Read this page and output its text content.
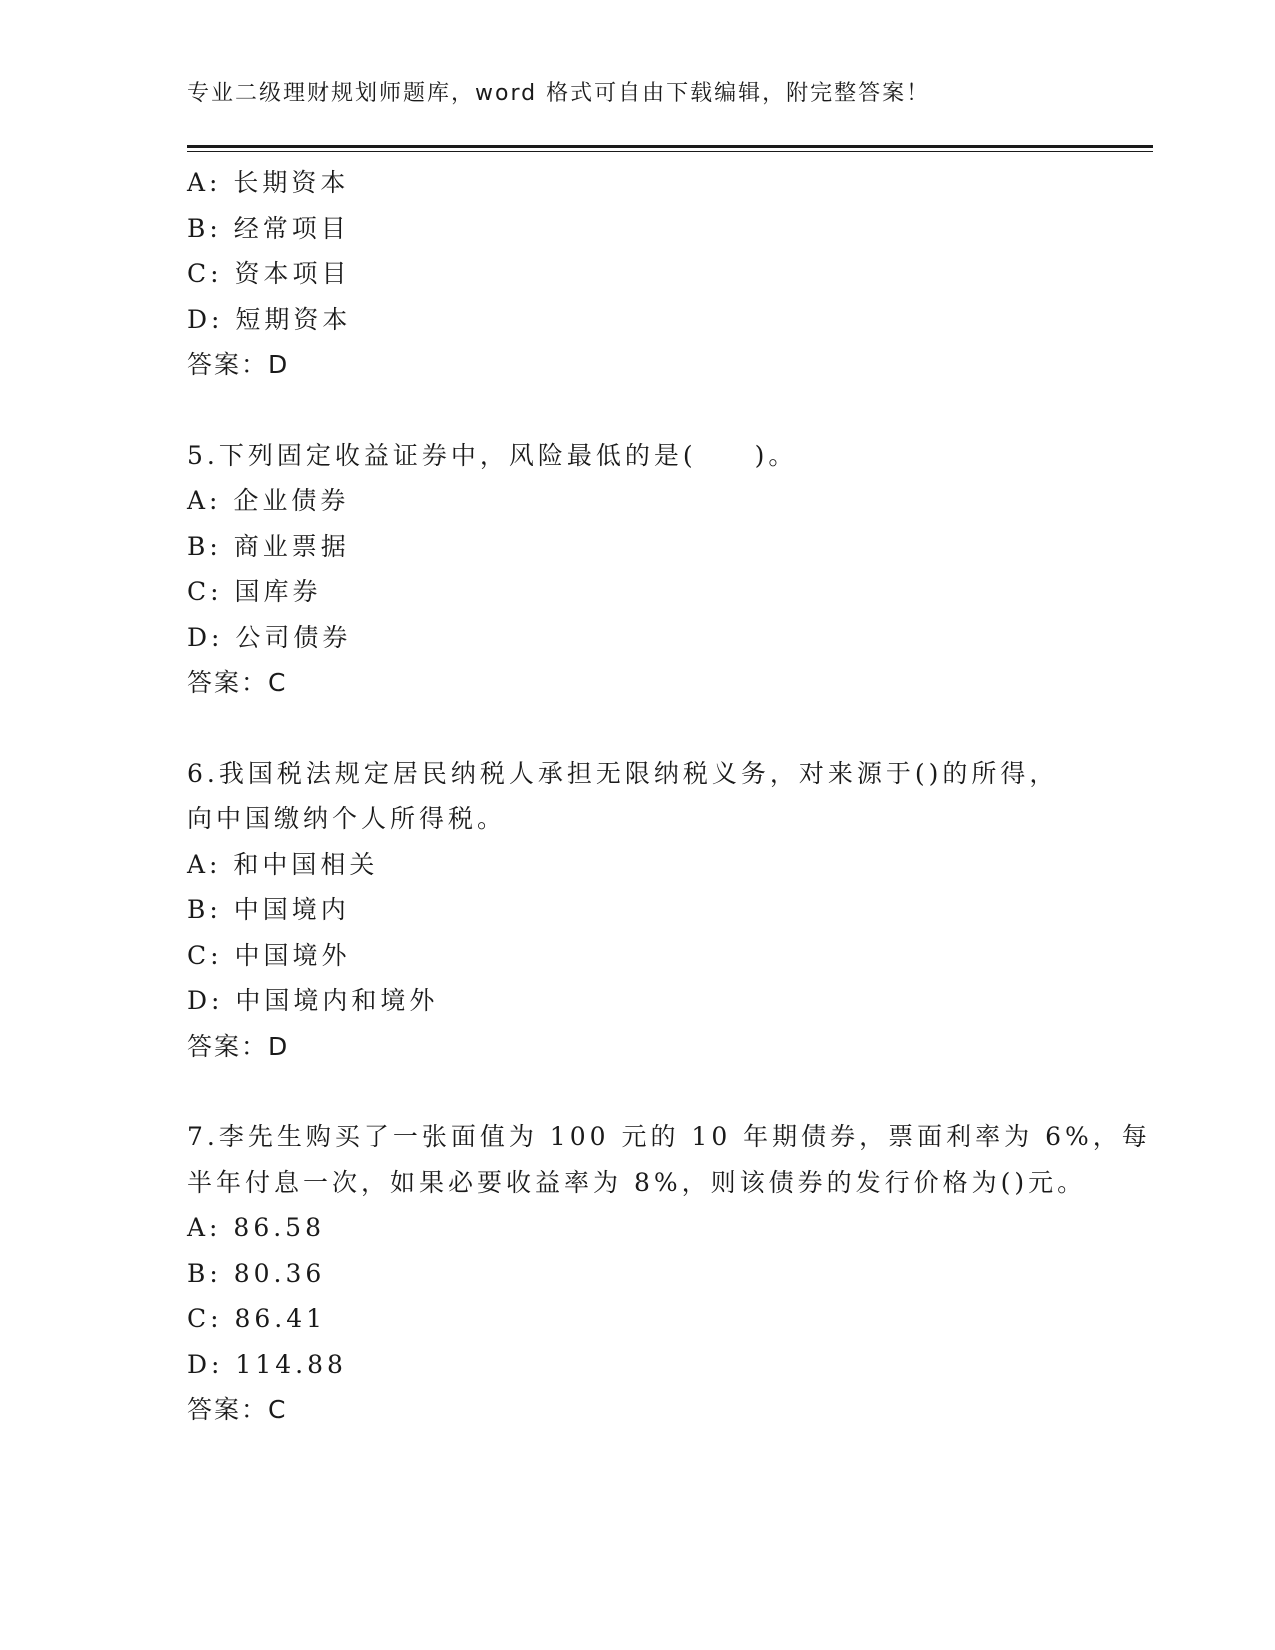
专业二级理财规划师题库，word 格式可自由下载编辑，附完整答案！
A: 长期资本
B: 经常项目
C: 资本项目
D: 短期资本
答案：D
5.下列固定收益证券中，风险最低的是(　　)。
A: 企业债券
B: 商业票据
C: 国库券
D: 公司债券
答案：C
6.我国税法规定居民纳税人承担无限纳税义务，对来源于()的所得，
向中国缴纳个人所得税。
A: 和中国相关
B: 中国境内
C: 中国境外
D: 中国境内和境外
答案：D
7.李先生购买了一张面值为 100 元的 10 年期债券，票面利率为 6%，每
半年付息一次，如果必要收益率为 8%，则该债券的发行价格为()元。
A: 86.58
B: 80.36
C: 86.41
D: 114.88
答案：C
